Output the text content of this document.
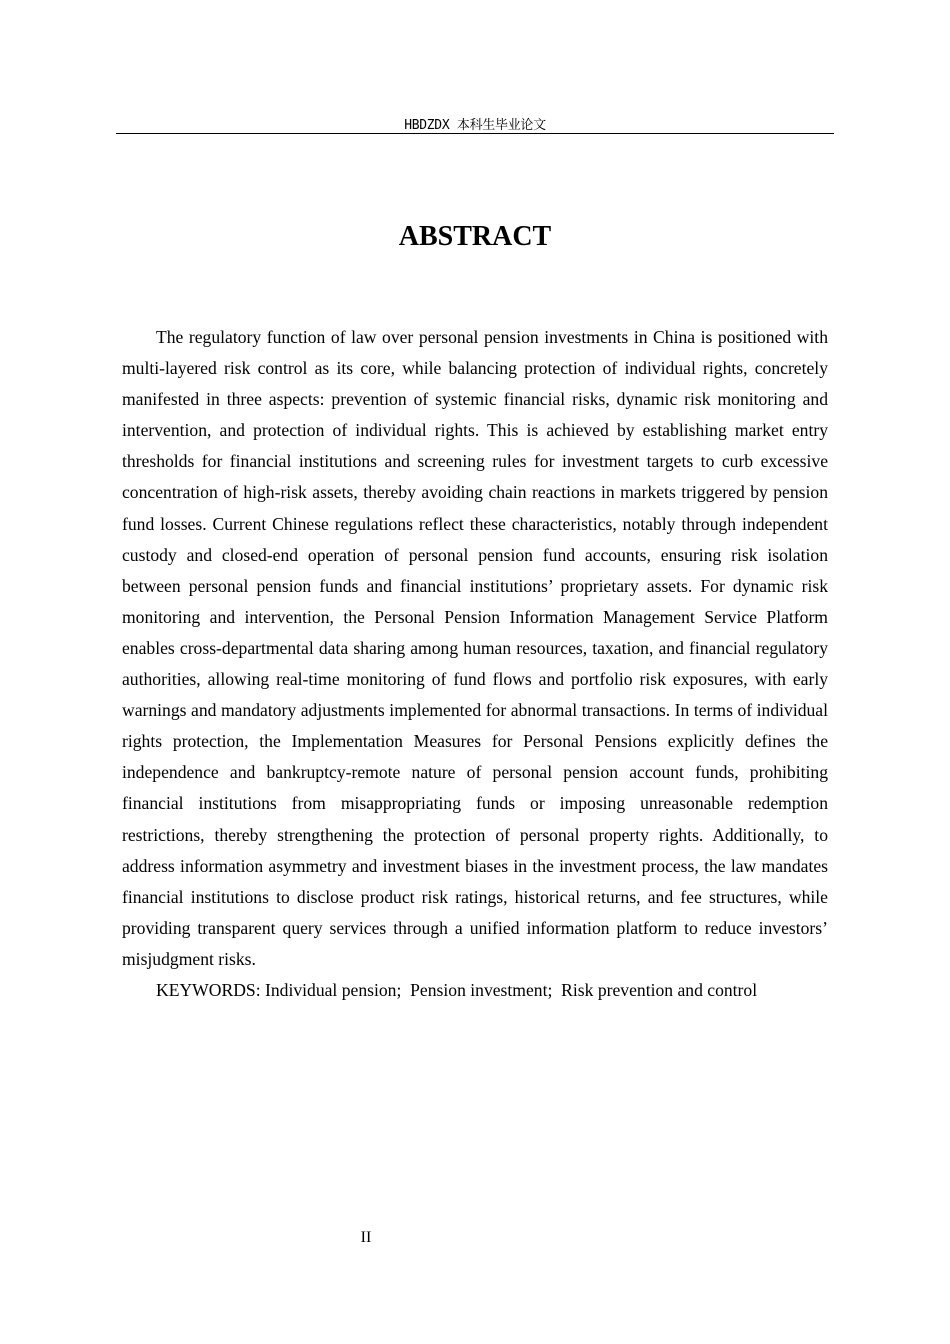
HBDZDX 本科生毕业论文
ABSTRACT

The regulatory function of law over personal pension investments in China is positioned with multi-layered risk control as its core, while balancing protection of individual rights, concretely manifested in three aspects: prevention of systemic financial risks, dynamic risk monitoring and intervention, and protection of individual rights. This is achieved by establishing market entry thresholds for financial institutions and screening rules for investment targets to curb excessive concentration of high-risk assets, thereby avoiding chain reactions in markets triggered by pension fund losses. Current Chinese regulations reflect these characteristics, notably through independent custody and closed-end operation of personal pension fund accounts, ensuring risk isolation between personal pension funds and financial institutions’ proprietary assets. For dynamic risk monitoring and intervention, the Personal Pension Information Management Service Platform enables cross-departmental data sharing among human resources, taxation, and financial regulatory authorities, allowing real-time monitoring of fund flows and portfolio risk exposures, with early warnings and mandatory adjustments implemented for abnormal transactions. In terms of individual rights protection, the Implementation Measures for Personal Pensions explicitly defines the independence and bankruptcy-remote nature of personal pension account funds, prohibiting financial institutions from misappropriating funds or imposing unreasonable redemption restrictions, thereby strengthening the protection of personal property rights. Additionally, to address information asymmetry and investment biases in the investment process, the law mandates financial institutions to disclose product risk ratings, historical returns, and fee structures, while providing transparent query services through a unified information platform to reduce investors’ misjudgment risks.

KEYWORDS: Individual pension; Pension investment; Risk prevention and control

II
